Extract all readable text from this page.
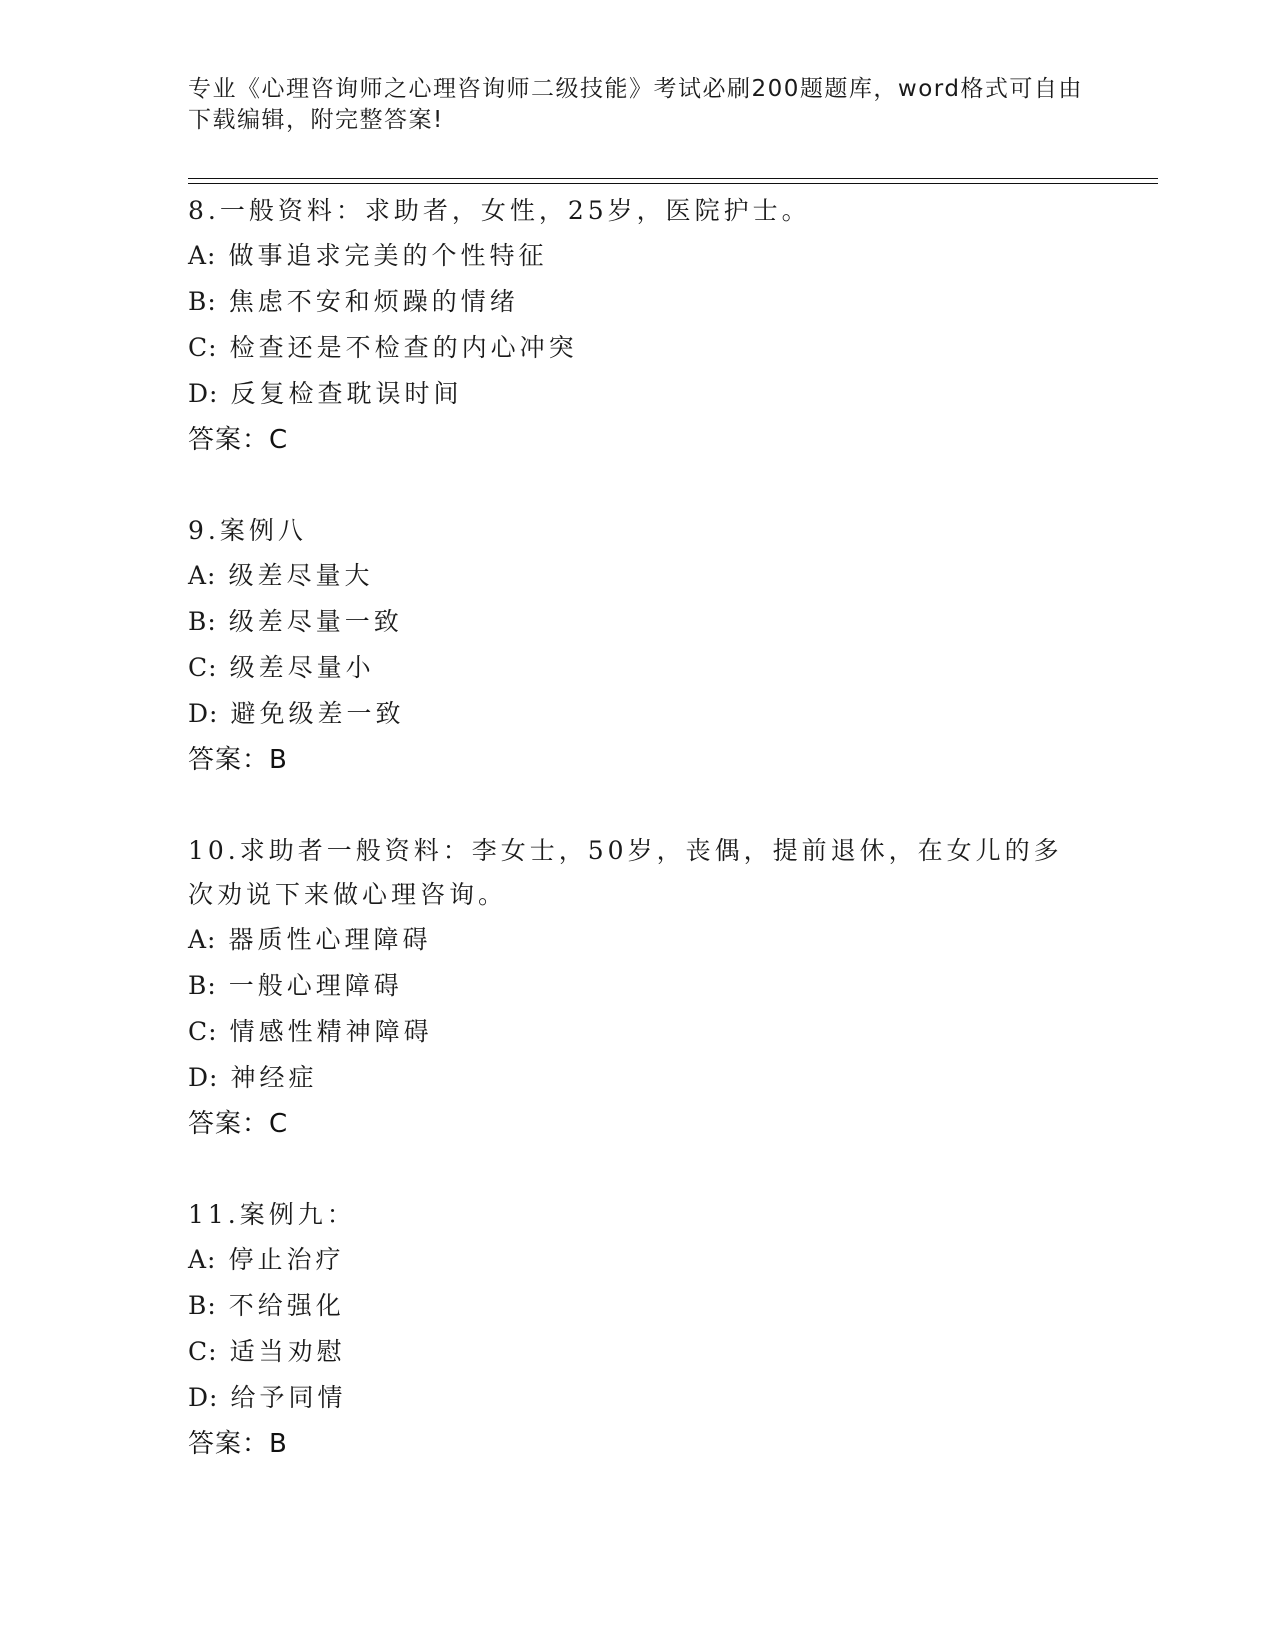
专业《心理咨询师之心理咨询师二级技能》考试必刷200题题库，word格式可自由下载编辑，附完整答案!
8.一般资料：求助者，女性，25岁，医院护士。
A: 做事追求完美的个性特征
B: 焦虑不安和烦躁的情绪
C: 检查还是不检查的内心冲突
D: 反复检查耽误时间
答案：C
9.案例八
A: 级差尽量大
B: 级差尽量一致
C: 级差尽量小
D: 避免级差一致
答案：B
10.求助者一般资料：李女士，50岁，丧偶，提前退休，在女儿的多次劝说下来做心理咨询。
A: 器质性心理障碍
B: 一般心理障碍
C: 情感性精神障碍
D: 神经症
答案：C
11.案例九：
A: 停止治疗
B: 不给强化
C: 适当劝慰
D: 给予同情
答案：B
